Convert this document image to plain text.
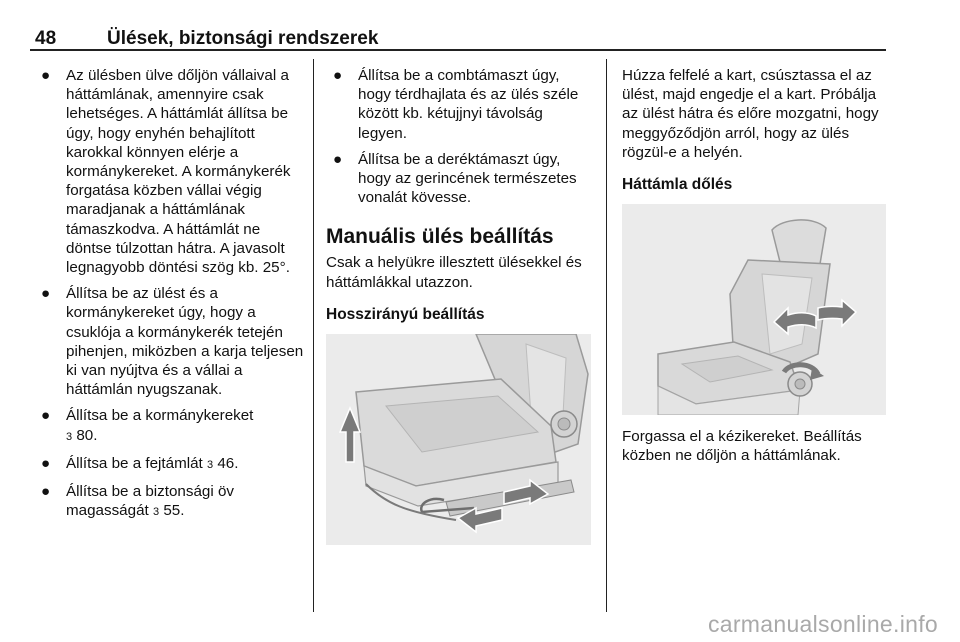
48	Ülések, biztonsági rendszerek
● Az ülésben ülve dőljön vállaival a háttámlának, amennyire csak lehetséges. A háttámlát állítsa be úgy, hogy enyhén behajlított karokkal könnyen elérje a kormánykereket. A kormánykerék forgatása közben vállai végig maradjanak a háttámlának támaszkodva. A háttámlát ne döntse túlzottan hátra. A javasolt legnagyobb döntési szög kb. 25°.
● Állítsa be az ülést és a kormánykereket úgy, hogy a csuklója a kormánykerék tetején pihenjen, miközben a karja teljesen ki van nyújtva és a vállai a háttámlán nyugszanak.
● Állítsa be a kormánykereket
3 80.
● Állítsa be a fejtámlát 3 46.
● Állítsa be a biztonsági öv magasságát 3 55.
● Állítsa be a combtámaszt úgy, hogy térdhajlata és az ülés széle között kb. kétujjnyi távolság legyen.
● Állítsa be a deréktámaszt úgy, hogy az gerincének természetes vonalát kövesse.
Manuális ülés beállítás

Csak a helyükre illesztett ülésekkel és háttámlákkal utazzon.

Hosszirányú beállítás

Húzza felfelé a kart, csúsztassa el az ülést, majd engedje el a kart. Próbálja az ülést hátra és előre mozgatni, hogy meggyőződjön arról, hogy az ülés rögzül-e a helyén.

Háttámla dőlés

Forgassa el a kézikereket. Beállítás közben ne dőljön a háttámlának.

carmanualsonline.info
